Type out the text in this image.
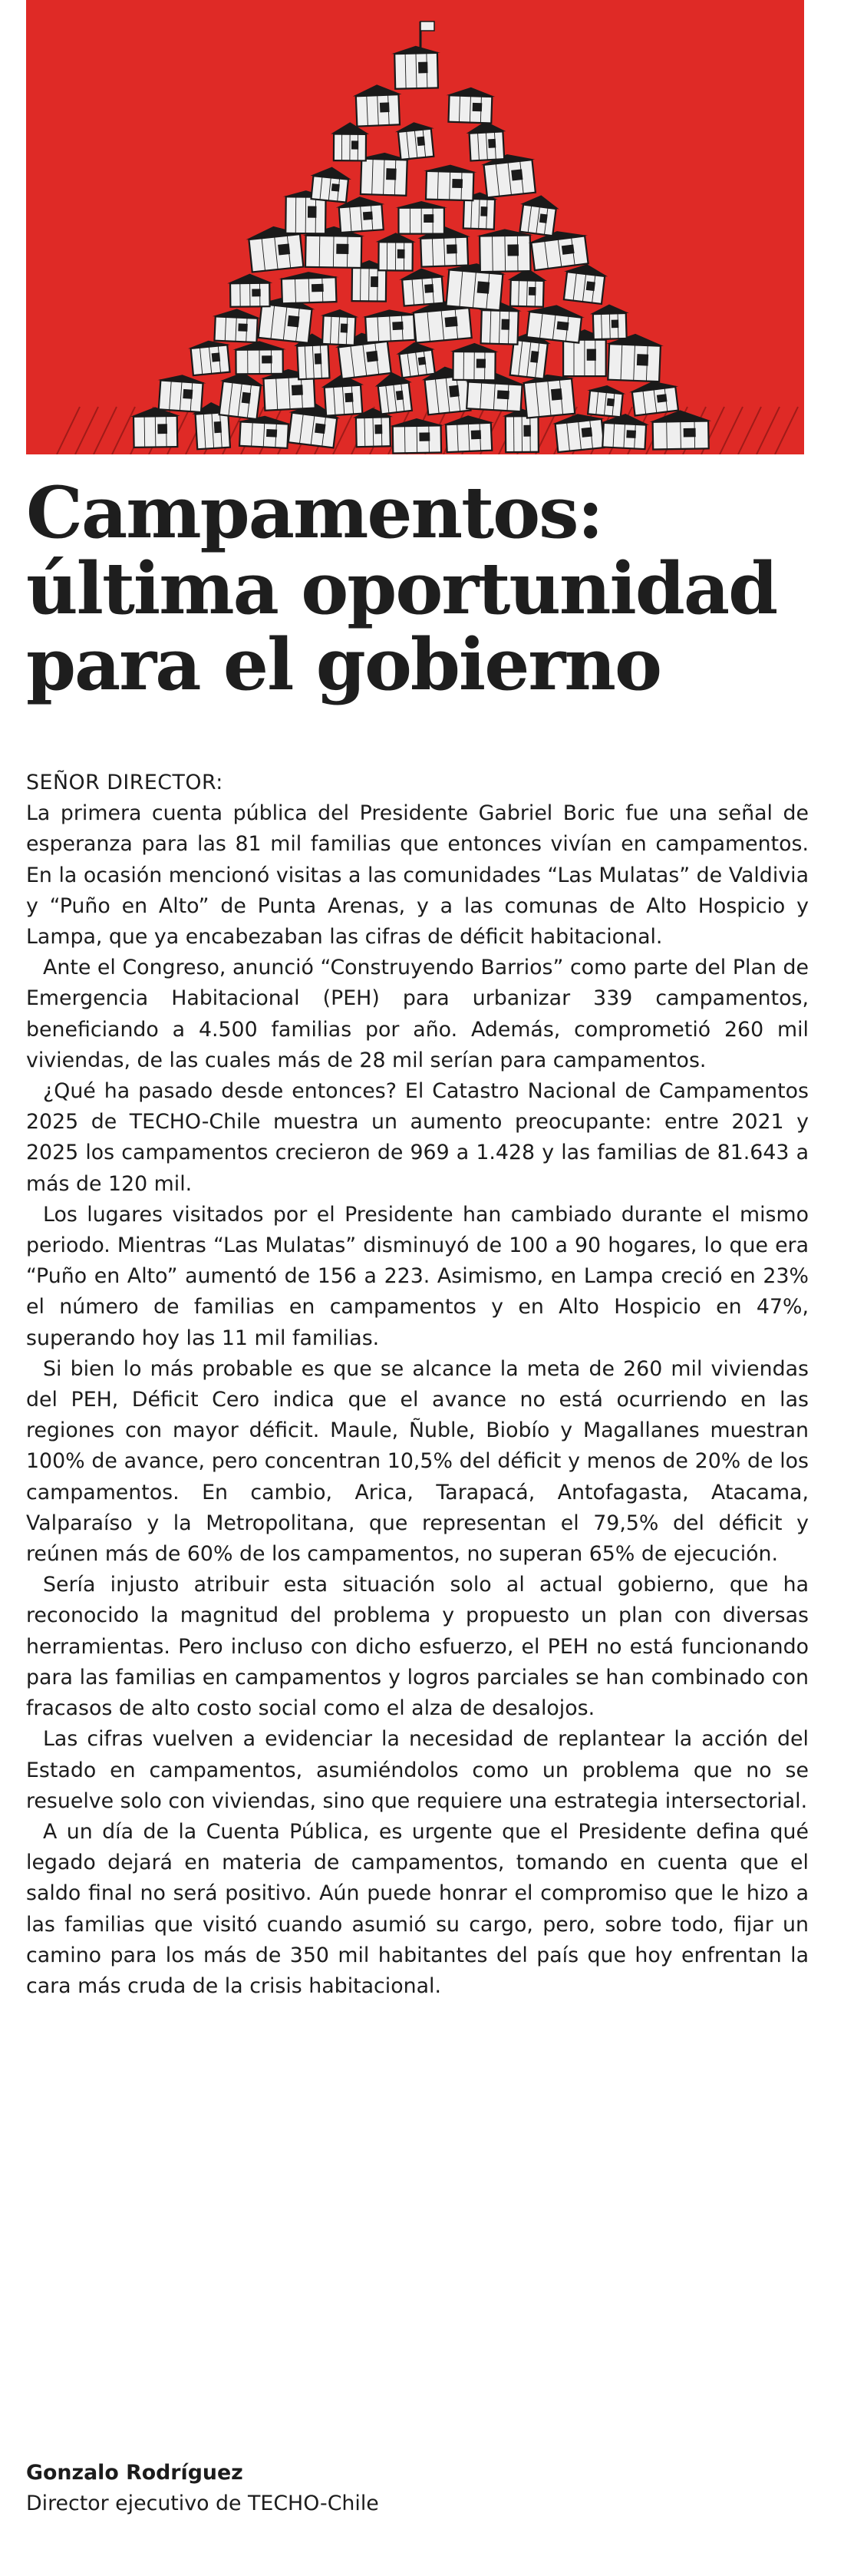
Campamentos:
última oportunidad
para el gobierno

SEÑOR DIRECTOR:

La primera cuenta pública del Presidente Gabriel Boric fue una señal de esperanza para las 81 mil familias que entonces vivían en campamentos. En la ocasión mencionó visitas a las comunidades “Las Mulatas” de Valdivia y “Puño en Alto” de Punta Arenas, y a las comunas de Alto Hospicio y Lampa, que ya encabezaban las cifras de déficit habitacional.

Ante el Congreso, anunció “Construyendo Barrios” como parte del Plan de Emergencia Habitacional (PEH) para urbanizar 339 campamentos, beneficiando a 4.500 familias por año. Además, comprometió 260 mil viviendas, de las cuales más de 28 mil serían para campamentos.

¿Qué ha pasado desde entonces? El Catastro Nacional de Campamentos 2025 de TECHO-Chile muestra un aumento preocupante: entre 2021 y 2025 los campamentos crecieron de 969 a 1.428 y las familias de 81.643 a más de 120 mil.

Los lugares visitados por el Presidente han cambiado durante el mismo periodo. Mientras “Las Mulatas” disminuyó de 100 a 90 hogares, lo que era “Puño en Alto” aumentó de 156 a 223. Asimismo, en Lampa creció en 23% el número de familias en campamentos y en Alto Hospicio en 47%, superando hoy las 11 mil familias.

Si bien lo más probable es que se alcance la meta de 260 mil viviendas del PEH, Déficit Cero indica que el avance no está ocurriendo en las regiones con mayor déficit. Maule, Ñuble, Biobío y Magallanes muestran 100% de avance, pero concentran 10,5% del déficit y menos de 20% de los campamentos. En cambio, Arica, Tarapacá, Antofagasta, Atacama, Valparaíso y la Metropolitana, que representan el 79,5% del déficit y reúnen más de 60% de los campamentos, no superan 65% de ejecución.

Sería injusto atribuir esta situación solo al actual gobierno, que ha reconocido la magnitud del problema y propuesto un plan con diversas herramientas. Pero incluso con dicho esfuerzo, el PEH no está funcionando para las familias en campamentos y logros parciales se han combinado con fracasos de alto costo social como el alza de desalojos.

Las cifras vuelven a evidenciar la necesidad de replantear la acción del Estado en campamentos, asumiéndolos como un problema que no se resuelve solo con viviendas, sino que requiere una estrategia intersectorial.

A un día de la Cuenta Pública, es urgente que el Presidente defina qué legado dejará en materia de campamentos, tomando en cuenta que el saldo final no será positivo. Aún puede honrar el compromiso que le hizo a las familias que visitó cuando asumió su cargo, pero, sobre todo, fijar un camino para los más de 350 mil habitantes del país que hoy enfrentan la cara más cruda de la crisis habitacional.

Gonzalo Rodríguez
Director ejecutivo de TECHO-Chile
